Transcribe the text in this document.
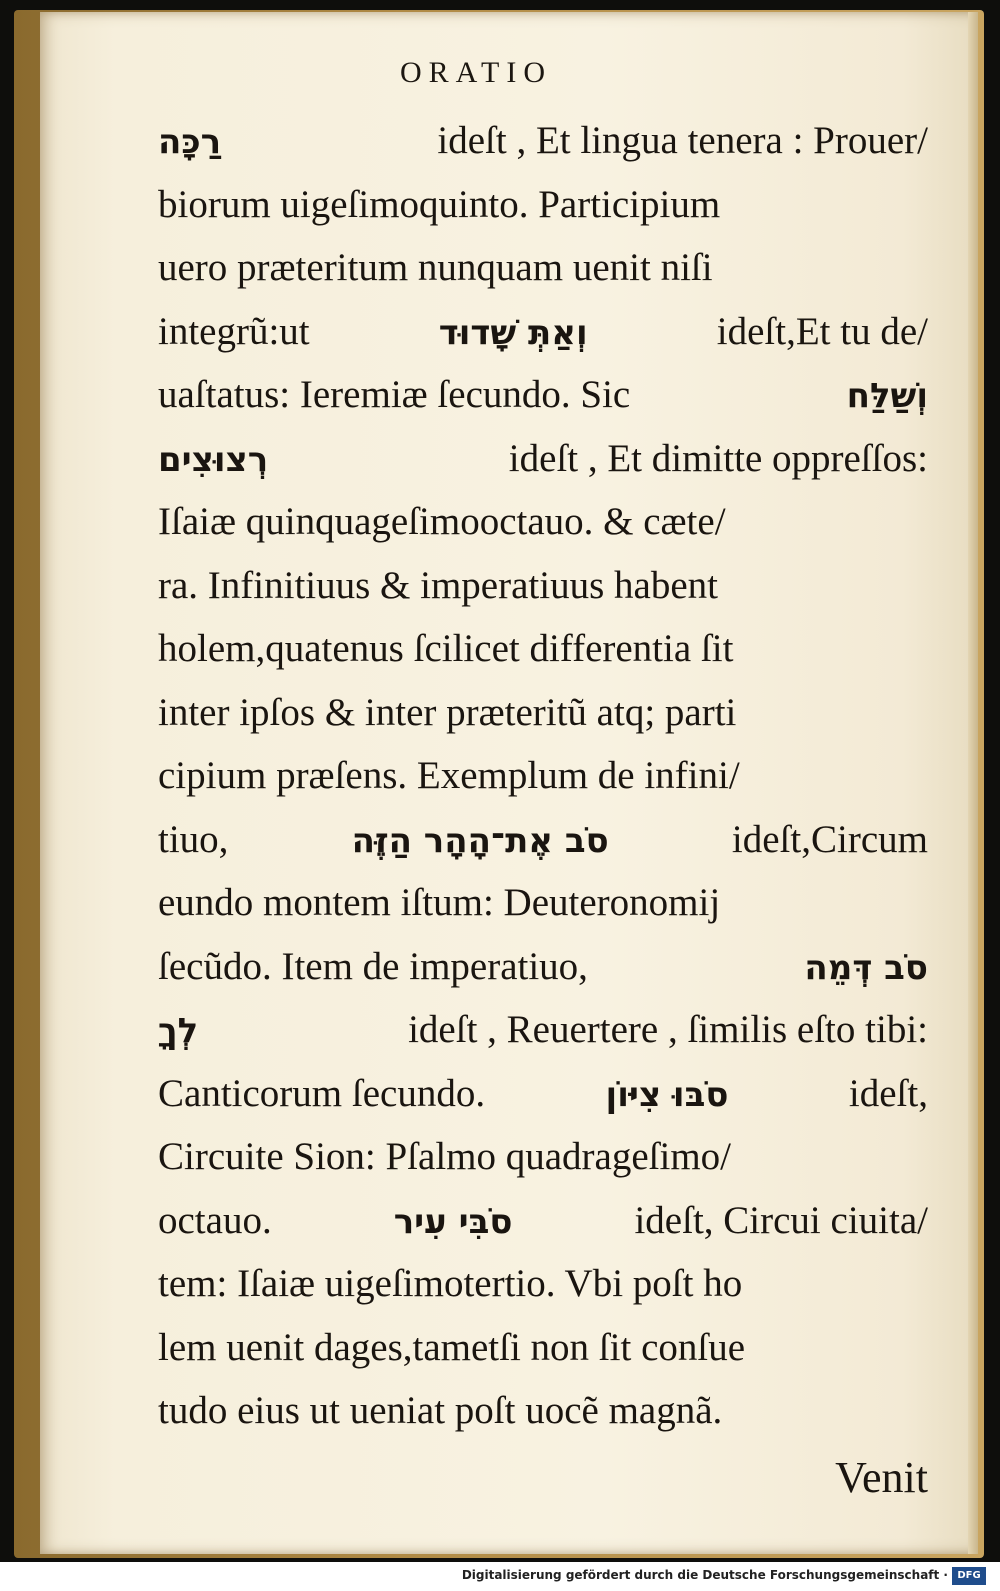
ORATIO
רַכָּה	ideſt , Et lingua tenera : Prouer/
biorum uigeſimoquinto. Participium
uero præteritum nunquam uenit niſi
integrũ:ut	וְאַתְּ שָׁדוּד	ideſt,Et tu de/
uaſtatus: Ieremiæ ſecundo. Sic	וְשַׁלַּח
רְצוּצִים	ideſt , Et dimitte oppreſſos:
Iſaiæ quinquageſimooctauo. & cæte/
ra. Infinitiuus & imperatiuus habent
holem,quatenus ſcilicet differentia ſit
inter ipſos & inter præteritũ atq; parti
cipium præſens. Exemplum de infini/
tiuo,	סֹב אֶת־הָהָר הַזֶּה	ideſt,Circum
eundo montem iſtum: Deuteronomij
ſecũdo. Item de imperatiuo,	סֹב דְּמֵה
לְךָ	ideſt , Reuertere , ſimilis eſto tibi:
Canticorum ſecundo.	סֹבּוּ צִיּוֹן	ideſt,
Circuite Sion: Pſalmo quadrageſimo/
octauo.	סֹבִּי עִיר	ideſt, Circui ciuita/
tem: Iſaiæ uigeſimotertio. Vbi poſt ho
lem uenit dages,tametſi non ſit conſue
tudo eius ut ueniat poſt uocẽ magnã.
Venit
Digitalisierung gefördert durch die Deutsche Forschungsgemeinschaft · DFG
